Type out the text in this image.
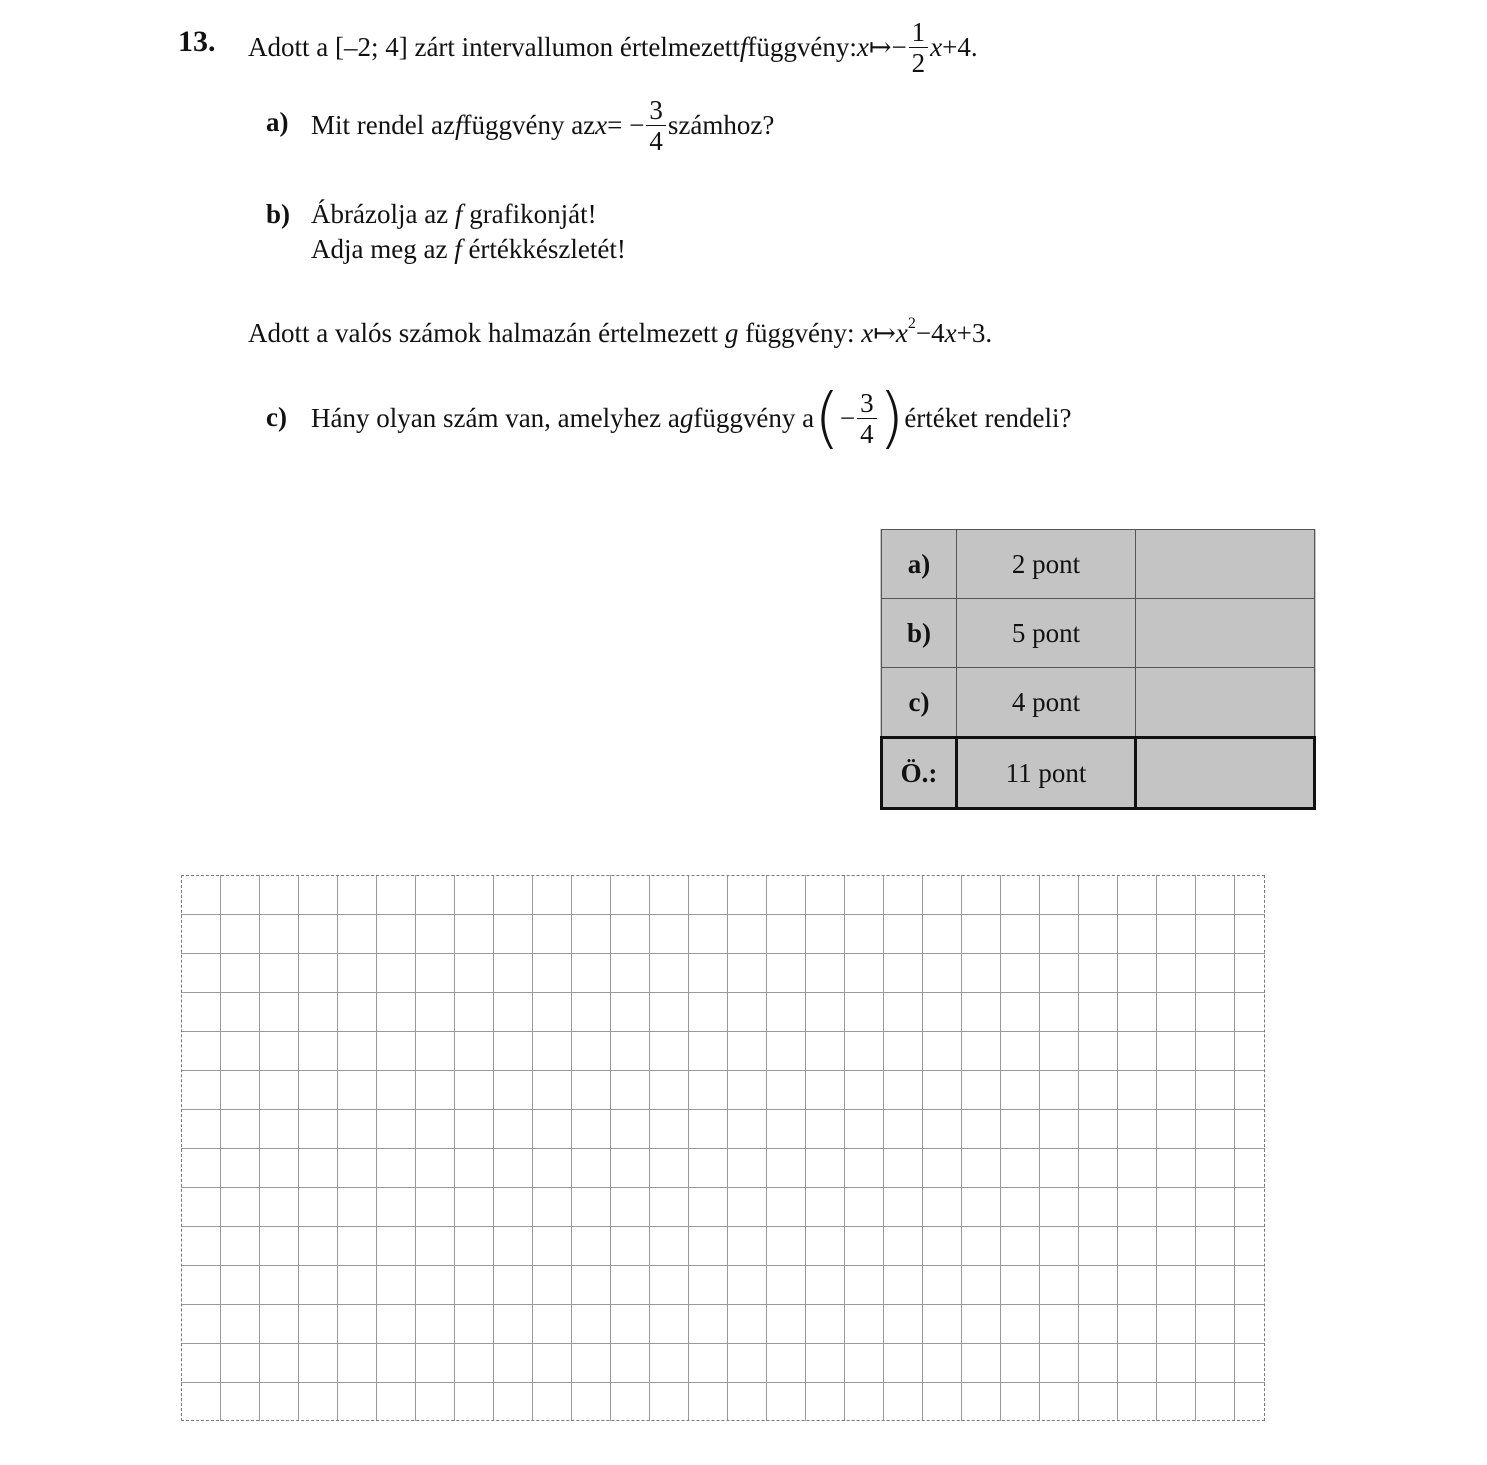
13. Adott a [–2; 4] zárt intervallumon értelmezett f függvény: x ↦ − $\frac{1}{2}$ x +4 .
a) Mit rendel az f függvény az x = − $\frac{3}{4}$ számhoz?
b) Ábrázolja az f grafikonját!
Adja meg az f értékkészletét!
Adott a valós számok halmazán értelmezett g függvény: $x↦x^2-4x+3$.
c) Hány olyan szám van, amelyhez a g függvény a ( − $\frac{3}{4}$ ) értéket rendeli?
a)	2 pont	
b)	5 pont	
c)	4 pont	
Ö.:	11 pont	
